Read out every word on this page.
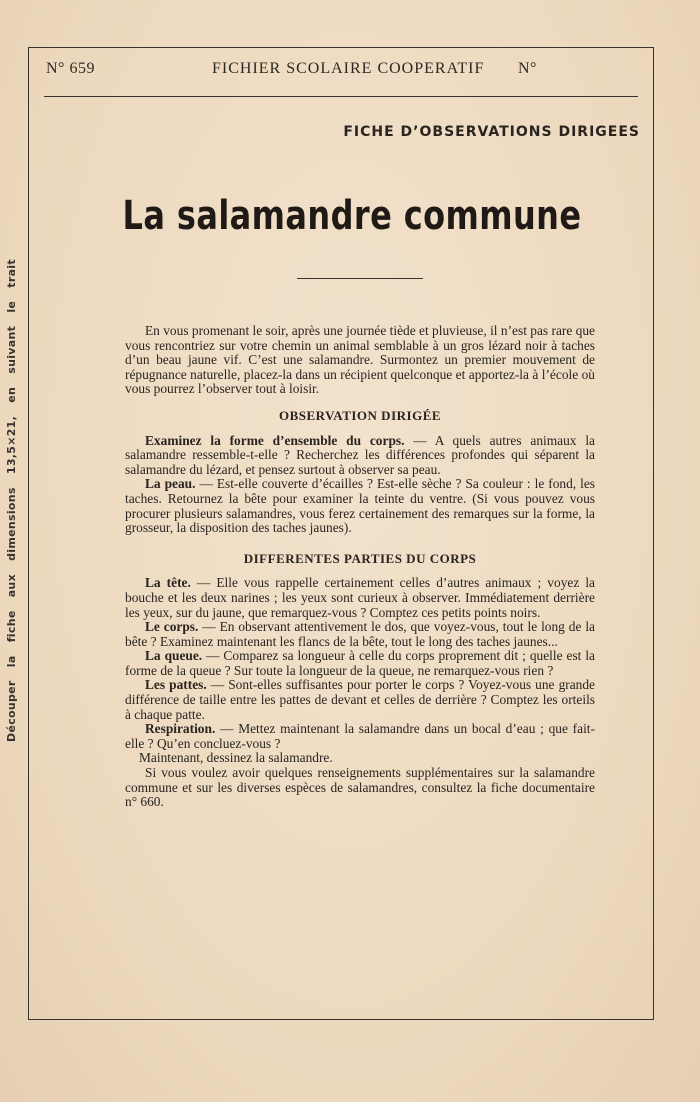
Découper la fiche aux dimensions 13,5×21, en suivant le trait
N° 659	FICHIER SCOLAIRE COOPERATIF N°
FICHE D’OBSERVATIONS DIRIGEES
La salamandre commune

En vous promenant le soir, après une journée tiède et pluvieuse, il n’est pas rare que vous rencontriez sur votre chemin un animal semblable à un gros lézard noir à taches d’un beau jaune vif. C’est une salamandre. Surmontez un premier mouvement de répugnance naturelle, placez-la dans un récipient quelconque et apportez-la à l’école où vous pourrez l’observer tout à loisir.

OBSERVATION DIRIGÉE

Examinez la forme d’ensemble du corps. — A quels autres animaux la salamandre ressemble-t-elle ? Recherchez les différences profondes qui séparent la salamandre du lézard, et pensez surtout à observer sa peau.

La peau. — Est-elle couverte d’écailles ? Est-elle sèche ? Sa couleur : le fond, les taches. Retournez la bête pour examiner la teinte du ventre. (Si vous pouvez vous procurer plusieurs salamandres, vous ferez certainement des remarques sur la forme, la grosseur, la disposition des taches jaunes).

DIFFERENTES PARTIES DU CORPS

La tête. — Elle vous rappelle certainement celles d’autres animaux ; voyez la bouche et les deux narines ; les yeux sont curieux à observer. Immédiatement derrière les yeux, sur du jaune, que remarquez-vous ? Comptez ces petits points noirs.

Le corps. — En observant attentivement le dos, que voyez-vous, tout le long de la bête ? Examinez maintenant les flancs de la bête, tout le long des taches jaunes...

La queue. — Comparez sa longueur à celle du corps proprement dit ; quelle est la forme de la queue ? Sur toute la longueur de la queue, ne remarquez-vous rien ?

Les pattes. — Sont-elles suffisantes pour porter le corps ? Voyez-vous une grande différence de taille entre les pattes de devant et celles de derrière ? Comptez les orteils à chaque patte.

Respiration. — Mettez maintenant la salamandre dans un bocal d’eau ; que fait-elle ? Qu’en concluez-vous ?

Maintenant, dessinez la salamandre.

Si vous voulez avoir quelques renseignements supplémentaires sur la salamandre commune et sur les diverses espèces de salamandres, consultez la fiche documentaire n° 660.
